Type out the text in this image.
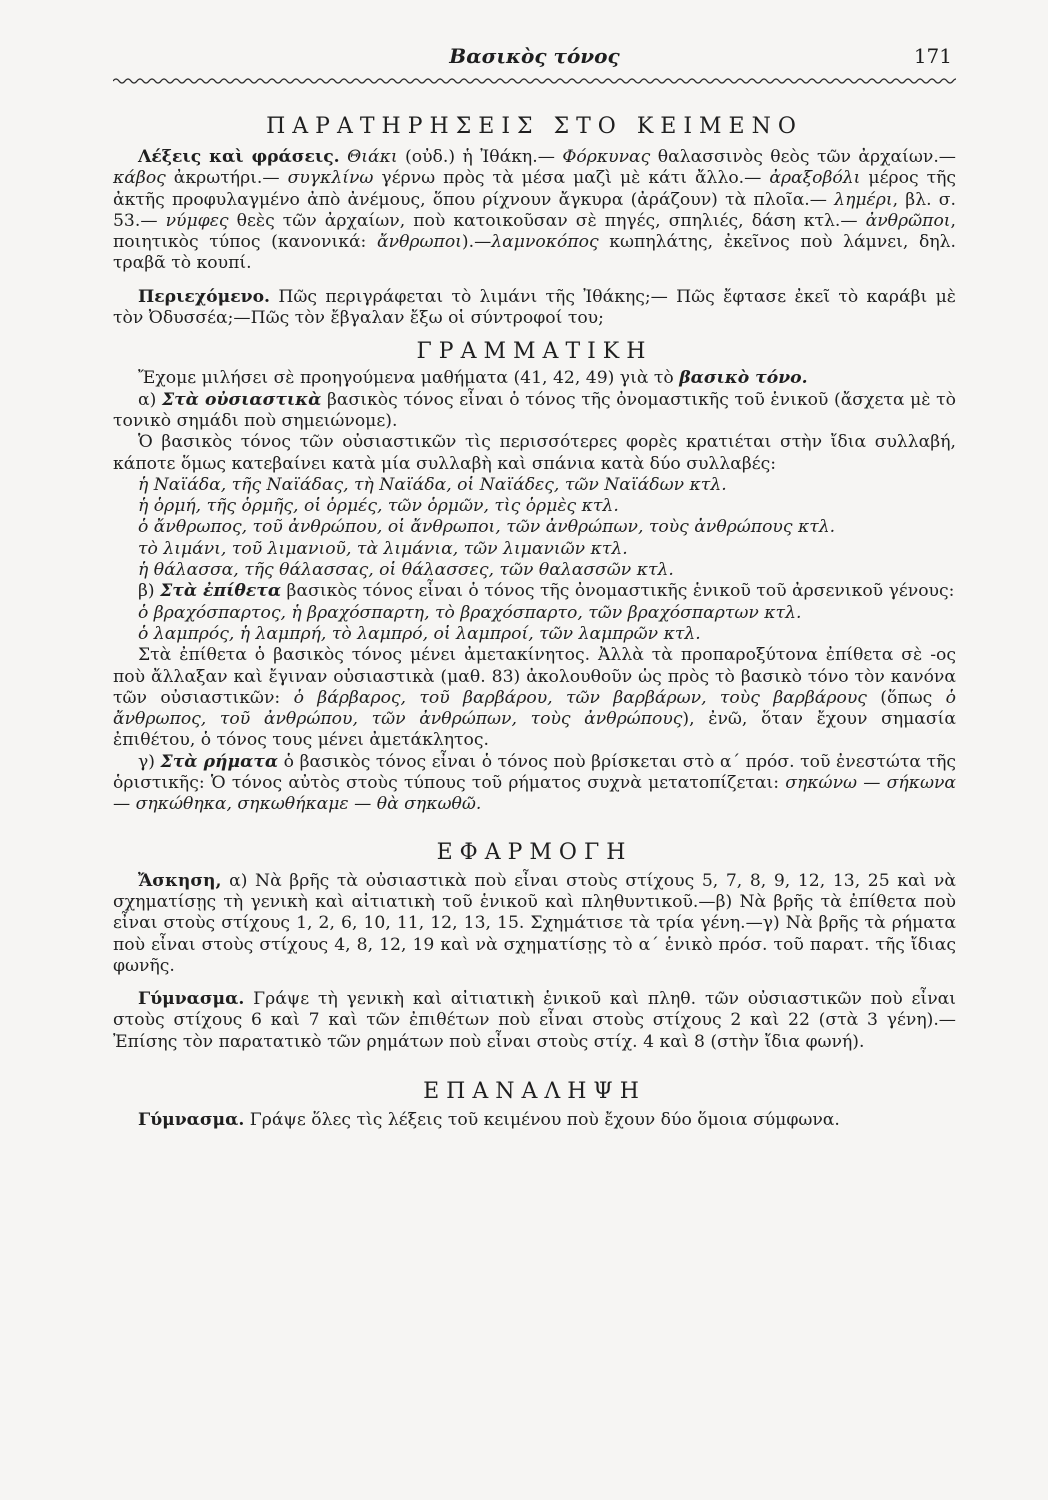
Βασικὸς τόνος	171
ΠΑΡΑΤΗΡΗΣΕΙΣ ΣΤΟ ΚΕΙΜΕΝΟ

Λέξεις καὶ φράσεις. Θιάκι (οὐδ.) ἡ Ἰθάκη.— Φόρκυνας θαλασσινὸς θεὸς τῶν ἀρχαίων.—κάβος ἀκρωτήρι.— συγκλίνω γέρνω πρὸς τὰ μέσα μαζὶ μὲ κάτι ἄλλο.— ἀραξοβόλι μέρος τῆς ἀκτῆς προφυλαγμένο ἀπὸ ἀνέμους, ὅπου ρίχνουν ἄγκυρα (ἀράζουν) τὰ πλοῖα.— λημέρι, βλ. σ. 53.— νύμφες θεὲς τῶν ἀρχαίων, ποὺ κατοικοῦσαν σὲ πηγές, σπηλιές, δάση κτλ.— ἀνθρῶποι, ποιητικὸς τύπος (κανονικά: ἄνθρωποι).—λαμνοκόπος κωπηλάτης, ἐκεῖνος ποὺ λάμνει, δηλ. τραβᾶ τὸ κουπί.

Περιεχόμενο. Πῶς περιγράφεται τὸ λιμάνι τῆς Ἰθάκης;— Πῶς ἔφτασε ἐκεῖ τὸ καράβι μὲ τὸν Ὀδυσσέα;—Πῶς τὸν ἔβγαλαν ἔξω οἱ σύντροφοί του;

ΓΡΑΜΜΑΤΙΚΗ

Ἔχομε μιλήσει σὲ προηγούμενα μαθήματα (41, 42, 49) γιὰ τὸ βασικὸ τόνο.

α) Στὰ οὐσιαστικὰ βασικὸς τόνος εἶναι ὁ τόνος τῆς ὀνομαστικῆς τοῦ ἑνικοῦ (ἄσχετα μὲ τὸ τονικὸ σημάδι ποὺ σημειώνομε).

Ὁ βασικὸς τόνος τῶν οὐσιαστικῶν τὶς περισσότερες φορὲς κρατιέται στὴν ἴδια συλλαβή, κάποτε ὅμως κατεβαίνει κατὰ μία συλλαβὴ καὶ σπάνια κατὰ δύο συλλαβές:

ἡ Ναϊάδα, τῆς Ναϊάδας, τὴ Ναϊάδα, οἱ Ναϊάδες, τῶν Ναϊάδων κτλ.

ἡ ὁρμή, τῆς ὁρμῆς, οἱ ὁρμές, τῶν ὁρμῶν, τὶς ὁρμὲς κτλ.

ὁ ἄνθρωπος, τοῦ ἀνθρώπου, οἱ ἄνθρωποι, τῶν ἀνθρώπων, τοὺς ἀνθρώπους κτλ.

τὸ λιμάνι, τοῦ λιμανιοῦ, τὰ λιμάνια, τῶν λιμανιῶν κτλ.

ἡ θάλασσα, τῆς θάλασσας, οἱ θάλασσες, τῶν θαλασσῶν κτλ.

β) Στὰ ἐπίθετα βασικὸς τόνος εἶναι ὁ τόνος τῆς ὀνομαστικῆς ἑνικοῦ τοῦ ἀρσενικοῦ γένους:

ὁ βραχόσπαρτος, ἡ βραχόσπαρτη, τὸ βραχόσπαρτο, τῶν βραχόσπαρτων κτλ.

ὁ λαμπρός, ἡ λαμπρή, τὸ λαμπρό, οἱ λαμπροί, τῶν λαμπρῶν κτλ.

Στὰ ἐπίθετα ὁ βασικὸς τόνος μένει ἀμετακίνητος. Ἀλλὰ τὰ προπαροξύτονα ἐπίθετα σὲ -ος ποὺ ἄλλαξαν καὶ ἔγιναν οὐσιαστικὰ (μαθ. 83) ἀκολουθοῦν ὡς πρὸς τὸ βασικὸ τόνο τὸν κανόνα τῶν οὐσιαστικῶν: ὁ βάρβαρος, τοῦ βαρβάρου, τῶν βαρβάρων, τοὺς βαρβάρους (ὅπως ὁ ἄνθρωπος, τοῦ ἀνθρώπου, τῶν ἀνθρώπων, τοὺς ἀνθρώπους), ἐνῶ, ὅταν ἔχουν σημασία ἐπιθέτου, ὁ τόνος τους μένει ἀμετάκλητος.

γ) Στὰ ρήματα ὁ βασικὸς τόνος εἶναι ὁ τόνος ποὺ βρίσκεται στὸ α΄ πρόσ. τοῦ ἐνεστώτα τῆς ὁριστικῆς: Ὁ τόνος αὐτὸς στοὺς τύπους τοῦ ρήματος συχνὰ μετατοπίζεται: σηκώνω — σήκωνα — σηκώθηκα, σηκωθήκαμε — θὰ σηκωθῶ.

ΕΦΑΡΜΟΓΗ

Ἄσκηση, α) Νὰ βρῆς τὰ οὐσιαστικὰ ποὺ εἶναι στοὺς στίχους 5, 7, 8, 9, 12, 13, 25 καὶ νὰ σχηματίσῃς τὴ γενικὴ καὶ αἰτιατικὴ τοῦ ἑνικοῦ καὶ πληθυντικοῦ.—β) Νὰ βρῆς τὰ ἐπίθετα ποὺ εἶναι στοὺς στίχους 1, 2, 6, 10, 11, 12, 13, 15. Σχημάτισε τὰ τρία γένη.—γ) Νὰ βρῆς τὰ ρήματα ποὺ εἶναι στοὺς στίχους 4, 8, 12, 19 καὶ νὰ σχηματίσῃς τὸ α΄ ἑνικὸ πρόσ. τοῦ παρατ. τῆς ἴδιας φωνῆς.

Γύμνασμα. Γράψε τὴ γενικὴ καὶ αἰτιατικὴ ἑνικοῦ καὶ πληθ. τῶν οὐσιαστικῶν ποὺ εἶναι στοὺς στίχους 6 καὶ 7 καὶ τῶν ἐπιθέτων ποὺ εἶναι στοὺς στίχους 2 καὶ 22 (στὰ 3 γένη).—Ἐπίσης τὸν παρατατικὸ τῶν ρημάτων ποὺ εἶναι στοὺς στίχ. 4 καὶ 8 (στὴν ἴδια φωνή).

ΕΠΑΝΑΛΗΨΗ

Γύμνασμα. Γράψε ὅλες τὶς λέξεις τοῦ κειμένου ποὺ ἔχουν δύο ὅμοια σύμφωνα.
